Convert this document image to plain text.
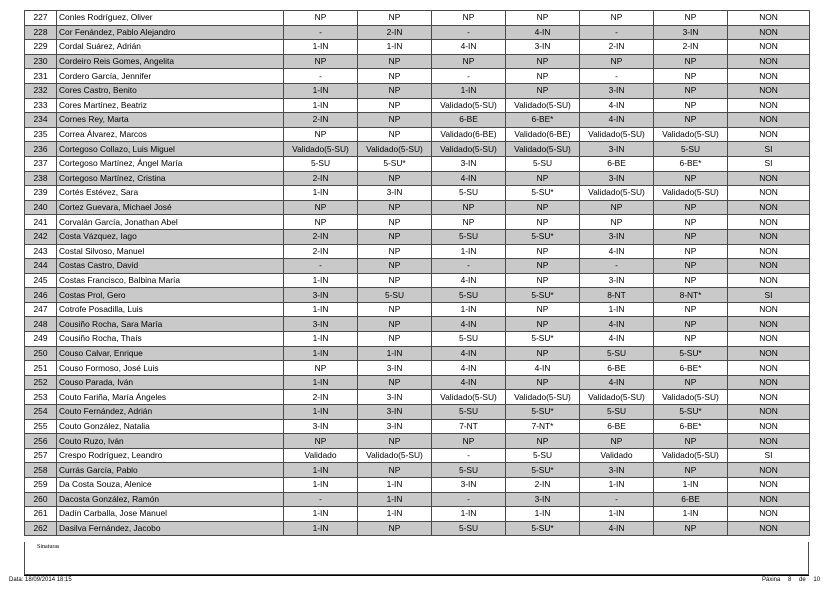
227	Conles Rodríguez, Oliver	NP	NP	NP	NP	NP	NP	NON
228	Cor Fenández, Pablo Alejandro	-	2-IN	-	4-IN	-	3-IN	NON
229	Cordal Suárez, Adrián	1-IN	1-IN	4-IN	3-IN	2-IN	2-IN	NON
230	Cordeiro Reis Gomes, Angelita	NP	NP	NP	NP	NP	NP	NON
231	Cordero García, Jennifer	-	NP	-	NP	-	NP	NON
232	Cores Castro, Benito	1-IN	NP	1-IN	NP	3-IN	NP	NON
233	Cores Martínez, Beatriz	1-IN	NP	Validado(5-SU)	Validado(5-SU)	4-IN	NP	NON
234	Cornes Rey, Marta	2-IN	NP	6-BE	6-BE*	4-IN	NP	NON
235	Correa Álvarez, Marcos	NP	NP	Validado(6-BE)	Validado(6-BE)	Validado(5-SU)	Validado(5-SU)	NON
236	Cortegoso Collazo, Luis Miguel	Validado(5-SU)	Validado(5-SU)	Validado(5-SU)	Validado(5-SU)	3-IN	5-SU	SI
237	Cortegoso Martínez, Ángel María	5-SU	5-SU*	3-IN	5-SU	6-BE	6-BE*	SI
238	Cortegoso Martínez, Cristina	2-IN	NP	4-IN	NP	3-IN	NP	NON
239	Cortés Estévez, Sara	1-IN	3-IN	5-SU	5-SU*	Validado(5-SU)	Validado(5-SU)	NON
240	Cortez Guevara, Michael José	NP	NP	NP	NP	NP	NP	NON
241	Corvalán García, Jonathan Abel	NP	NP	NP	NP	NP	NP	NON
242	Costa Vázquez, Iago	2-IN	NP	5-SU	5-SU*	3-IN	NP	NON
243	Costal Silvoso, Manuel	2-IN	NP	1-IN	NP	4-IN	NP	NON
244	Costas Castro, David	-	NP	-	NP	-	NP	NON
245	Costas Francisco, Balbina María	1-IN	NP	4-IN	NP	3-IN	NP	NON
246	Costas Prol, Gero	3-IN	5-SU	5-SU	5-SU*	8-NT	8-NT*	SI
247	Cotrofe Posadilla, Luis	1-IN	NP	1-IN	NP	1-IN	NP	NON
248	Cousiño Rocha, Sara María	3-IN	NP	4-IN	NP	4-IN	NP	NON
249	Cousiño Rocha, Thaís	1-IN	NP	5-SU	5-SU*	4-IN	NP	NON
250	Couso Calvar, Enrique	1-IN	1-IN	4-IN	NP	5-SU	5-SU*	NON
251	Couso Formoso, José Luis	NP	3-IN	4-IN	4-IN	6-BE	6-BE*	NON
252	Couso Parada, Iván	1-IN	NP	4-IN	NP	4-IN	NP	NON
253	Couto Fariña, María Ángeles	2-IN	3-IN	Validado(5-SU)	Validado(5-SU)	Validado(5-SU)	Validado(5-SU)	NON
254	Couto Fernández, Adrián	1-IN	3-IN	5-SU	5-SU*	5-SU	5-SU*	NON
255	Couto González, Natalia	3-IN	3-IN	7-NT	7-NT*	6-BE	6-BE*	NON
256	Couto Ruzo, Iván	NP	NP	NP	NP	NP	NP	NON
257	Crespo Rodríguez, Leandro	Validado	Validado(5-SU)	-	5-SU	Validado	Validado(5-SU)	SI
258	Currás García, Pablo	1-IN	NP	5-SU	5-SU*	3-IN	NP	NON
259	Da Costa Souza, Alenice	1-IN	1-IN	3-IN	2-IN	1-IN	1-IN	NON
260	Dacosta González, Ramón	-	1-IN	-	3-IN	-	6-BE	NON
261	Dadín Carballa, Jose Manuel	1-IN	1-IN	1-IN	1-IN	1-IN	1-IN	NON
262	Dasilva Fernández, Jacobo	1-IN	NP	5-SU	5-SU*	4-IN	NP	NON
Sinaturas
Data: 18/09/2014 18:15	Páxina 8 de 10
